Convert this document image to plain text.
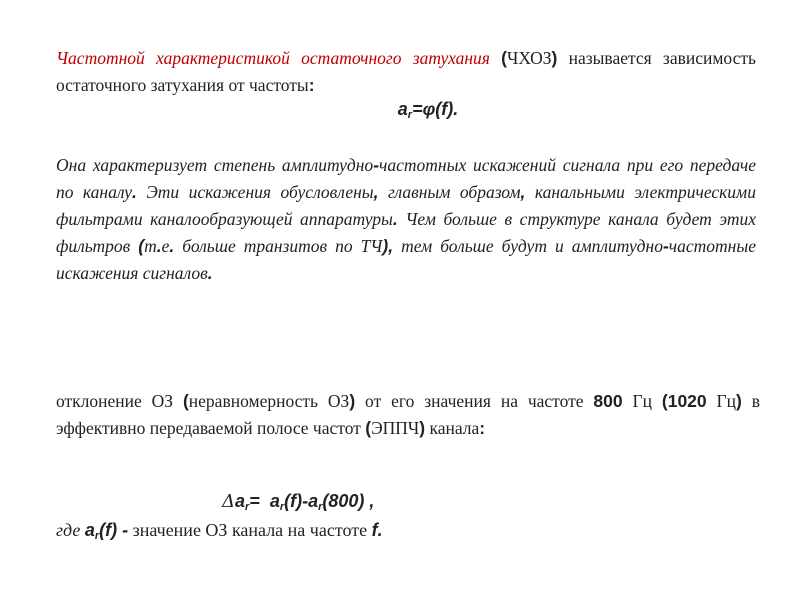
Частотной характеристикой остаточного затухания (ЧХОЗ) называется зависимость остаточного затухания от частоты:
$a_r=\varphi(f)$.
Она характеризует степень амплитудно-частотных искажений сигнала при его передаче по каналу. Эти искажения обусловлены, главным образом, канальными электрическими фильтрами каналообразующей аппаратуры. Чем больше в структуре канала будет этих фильтров (т.е. больше транзитов по ТЧ), тем больше будут и амплитудно-частотные искажения сигналов.
отклонение ОЗ (неравномерность ОЗ) от его значения на частоте 800 Гц (1020 Гц) в эффективно передаваемой полосе частот (ЭППЧ) канала:
$\Delta a_r= a_r(f)-a_r(800)$ ,
где $a_r(f)$ - значение ОЗ канала на частоте f.
